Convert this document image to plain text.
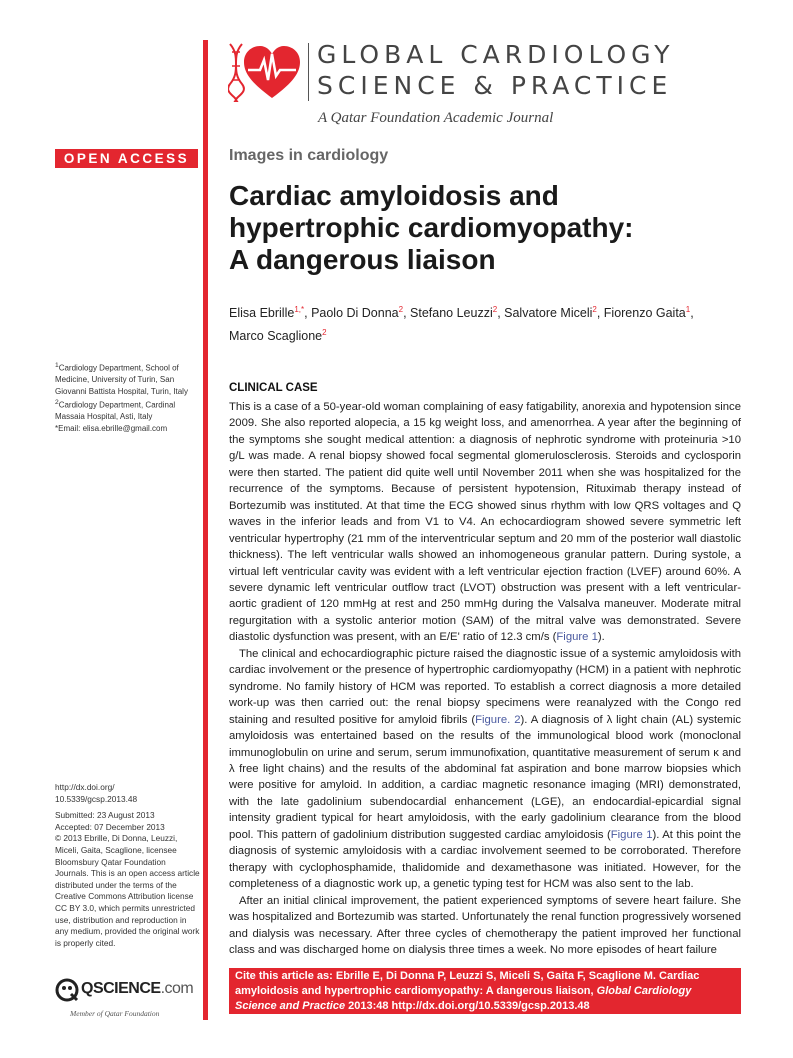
GLOBAL CARDIOLOGY
SCIENCE & PRACTICE
A Qatar Foundation Academic Journal
OPEN ACCESS	Images in cardiology
Cardiac amyloidosis and
hypertrophic cardiomyopathy:
A dangerous liaison
Elisa Ebrille$^{1,*}$, Paolo Di Donna$^2$, Stefano Leuzzi$^2$, Salvatore Miceli$^2$, Fiorenzo Gaita$^1$,
Marco Scaglione$^2$
$^1$Cardiology Department, School of Medicine, University of Turin, San Giovanni Battista Hospital, Turin, Italy
$^2$Cardiology Department, Cardinal Massaia Hospital, Asti, Italy
*Email: elisa.ebrille@gmail.com

http://dx.doi.org/
10.5339/gcsp.2013.48

Submitted: 23 August 2013
Accepted: 07 December 2013
© 2013 Ebrille, Di Donna, Leuzzi, Miceli, Gaita, Scaglione, licensee Bloomsbury Qatar Foundation Journals. This is an open access article distributed under the terms of the Creative Commons Attribution license CC BY 3.0, which permits unrestricted use, distribution and reproduction in any medium, provided the original work is properly cited.

QSCIENCE.com
Member of Qatar Foundation
CLINICAL CASE

This is a case of a 50-year-old woman complaining of easy fatigability, anorexia and hypotension since 2009. She also reported alopecia, a 15 kg weight loss, and amenorrhea. A year after the beginning of the symptoms she sought medical attention: a diagnosis of nephrotic syndrome with proteinuria >10 g/L was made. A renal biopsy showed focal segmental glomerulosclerosis. Steroids and cyclosporin were then started. The patient did quite well until November 2011 when she was hospitalized for the recurrence of the symptoms. Because of persistent hypotension, Rituximab therapy instead of Bortezumib was instituted. At that time the ECG showed sinus rhythm with low QRS voltages and Q waves in the inferior leads and from V1 to V4. An echocardiogram showed severe symmetric left ventricular hypertrophy (21 mm of the interventricular septum and 20 mm of the posterior wall diastolic thickness). The left ventricular walls showed an inhomogeneous granular pattern. During systole, a virtual left ventricular cavity was evident with a left ventricular ejection fraction (LVEF) around 60%. A severe dynamic left ventricular outflow tract (LVOT) obstruction was present with a left ventricular-aortic gradient of 120 mmHg at rest and 250 mmHg during the Valsalva maneuver. Moderate mitral regurgitation with a systolic anterior motion (SAM) of the mitral valve was demonstrated. Severe diastolic dysfunction was present, with an E/E' ratio of 12.3 cm/s (Figure 1).

The clinical and echocardiographic picture raised the diagnostic issue of a systemic amyloidosis with cardiac involvement or the presence of hypertrophic cardiomyopathy (HCM) in a patient with nephrotic syndrome. No family history of HCM was reported. To establish a correct diagnosis a more detailed work-up was then carried out: the renal biopsy specimens were reanalyzed with the Congo red staining and resulted positive for amyloid fibrils (Figure. 2). A diagnosis of λ light chain (AL) systemic amyloidosis was entertained based on the results of the immunological blood work (monoclonal immunoglobulin on urine and serum, serum immunofixation, quantitative measurement of serum κ and λ free light chains) and the results of the abdominal fat aspiration and bone marrow biopsies which were positive for amyloid. In addition, a cardiac magnetic resonance imaging (MRI) demonstrated, with the late gadolinium subendocardial enhancement (LGE), an endocardial-epicardial signal intensity gradient typical for heart amyloidosis, with the early gadolinium clearance from the blood pool. This pattern of gadolinium distribution suggested cardiac amyloidosis (Figure 1). At this point the diagnosis of systemic amyloidosis with a cardiac involvement seemed to be corroborated. Therefore therapy with cyclophosphamide, thalidomide and dexamethasone was initiated. However, for the completeness of a diagnostic work up, a genetic typing test for HCM was also sent to the lab.

After an initial clinical improvement, the patient experienced symptoms of severe heart failure. She was hospitalized and Bortezumib was started. Unfortunately the renal function progressively worsened and dialysis was necessary. After three cycles of chemotherapy the patient improved her functional class and was discharged home on dialysis three times a week. No more episodes of heart failure

Cite this article as: Ebrille E, Di Donna P, Leuzzi S, Miceli S, Gaita F, Scaglione M. Cardiac amyloidosis and hypertrophic cardiomyopathy: A dangerous liaison, Global Cardiology Science and Practice 2013:48 http://dx.doi.org/10.5339/gcsp.2013.48
